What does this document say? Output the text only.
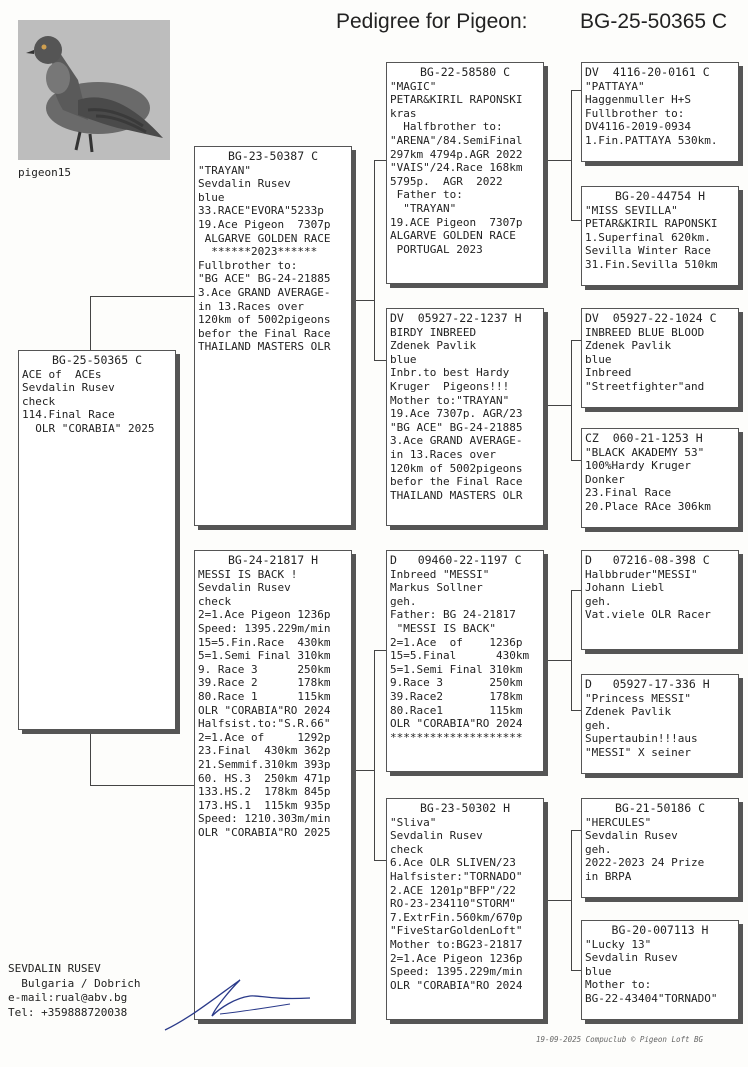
Pedigree for Pigeon:	BG-25-50365 C
pigeon15
BG-25-50365 C
ACE of  ACEs
Sevdalin Rusev
check
114.Final Race
OLR "CORABIA" 2025
BG-23-50387 C
"TRAYAN"
Sevdalin Rusev
blue
33.RACE"EVORA"5233p
19.Ace Pigeon  7307p
ALGARVE GOLDEN RACE
******2023******
Fullbrother to:
"BG ACE" BG-24-21885
3.Ace GRAND AVERAGE-
in 13.Races over
120km of 5002pigeons
befor the Final Race
THAILAND MASTERS OLR
BG-24-21817 H
MESSI IS BACK !
Sevdalin Rusev
check
2=1.Ace Pigeon 1236p
Speed: 1395.229m/min
15=5.Fin.Race  430km
5=1.Semi Final 310km
9. Race 3      250km
39.Race 2      178km
80.Race 1      115km
OLR "CORABIA"RO 2024
Halfsist.to:"S.R.66"
2=1.Ace of     1292p
23.Final  430km 362p
21.Semmif.310km 393p
60. HS.3  250km 471p
133.HS.2  178km 845p
173.HS.1  115km 935p
Speed: 1210.303m/min
OLR "CORABIA"RO 2025
BG-22-58580 C
"MAGIC"
PETAR&KIRIL RAPONSKI
kras
Halfbrother to:
"ARENA"/84.SemiFinal
297km 4794p.AGR 2022
"VAIS"/24.Race 168km
5795p.  AGR  2022
Father to:
"TRAYAN"
19.ACE Pigeon  7307p
ALGARVE GOLDEN RACE
PORTUGAL 2023
DV  05927-22-1237 H
BIRDY INBREED
Zdenek Pavlik
blue
Inbr.to best Hardy
Kruger  Pigeons!!!
Mother to:"TRAYAN"
19.Ace 7307p. AGR/23
"BG ACE" BG-24-21885
3.Ace GRAND AVERAGE-
in 13.Races over
120km of 5002pigeons
befor the Final Race
THAILAND MASTERS OLR
D   09460-22-1197 C
Inbreed "MESSI"
Markus Sollner
geh.
Father: BG 24-21817
"MESSI IS BACK"
2=1.Ace  of    1236p
15=5.Final      430km
5=1.Semi Final 310km
9.Race 3       250km
39.Race2       178km
80.Race1       115km
OLR "CORABIA"RO 2024
********************
BG-23-50302 H
"Sliva"
Sevdalin Rusev
check
6.Ace OLR SLIVEN/23
Halfsister:"TORNADO"
2.ACE 1201p"BFP"/22
RO-23-234110"STORM"
7.ExtrFin.560km/670p
"FiveStarGoldenLoft"
Mother to:BG23-21817
2=1.Ace Pigeon 1236p
Speed: 1395.229m/min
OLR "CORABIA"RO 2024
DV  4116-20-0161 C
"PATTAYA"
Haggenmuller H+S
Fullbrother to:
DV4116-2019-0934
1.Fin.PATTAYA 530km.
BG-20-44754 H
"MISS SEVILLA"
PETAR&KIRIL RAPONSKI
1.Superfinal 620km.
Sevilla Winter Race
31.Fin.Sevilla 510km
DV  05927-22-1024 C
INBREED BLUE BLOOD
Zdenek Pavlik
blue
Inbreed
"Streetfighter"and
CZ  060-21-1253 H
"BLACK AKADEMY 53"
100%Hardy Kruger
Donker
23.Final Race
20.Place RAce 306km
D   07216-08-398 C
Halbbruder"MESSI"
Johann Liebl
geh.
Vat.viele OLR Racer
D   05927-17-336 H
"Princess MESSI"
Zdenek Pavlik
geh.
Supertaubin!!!aus
"MESSI" X seiner
BG-21-50186 C
"HERCULES"
Sevdalin Rusev
geh.
2022-2023 24 Prize
in BRPA
BG-20-007113 H
"Lucky 13"
Sevdalin Rusev
blue
Mother to:
BG-22-43404"TORNADO"
SEVDALIN RUSEV
Bulgaria / Dobrich
e-mail:rual@abv.bg
Tel: +359888720038
19-09-2025 Compuclub © Pigeon Loft BG
